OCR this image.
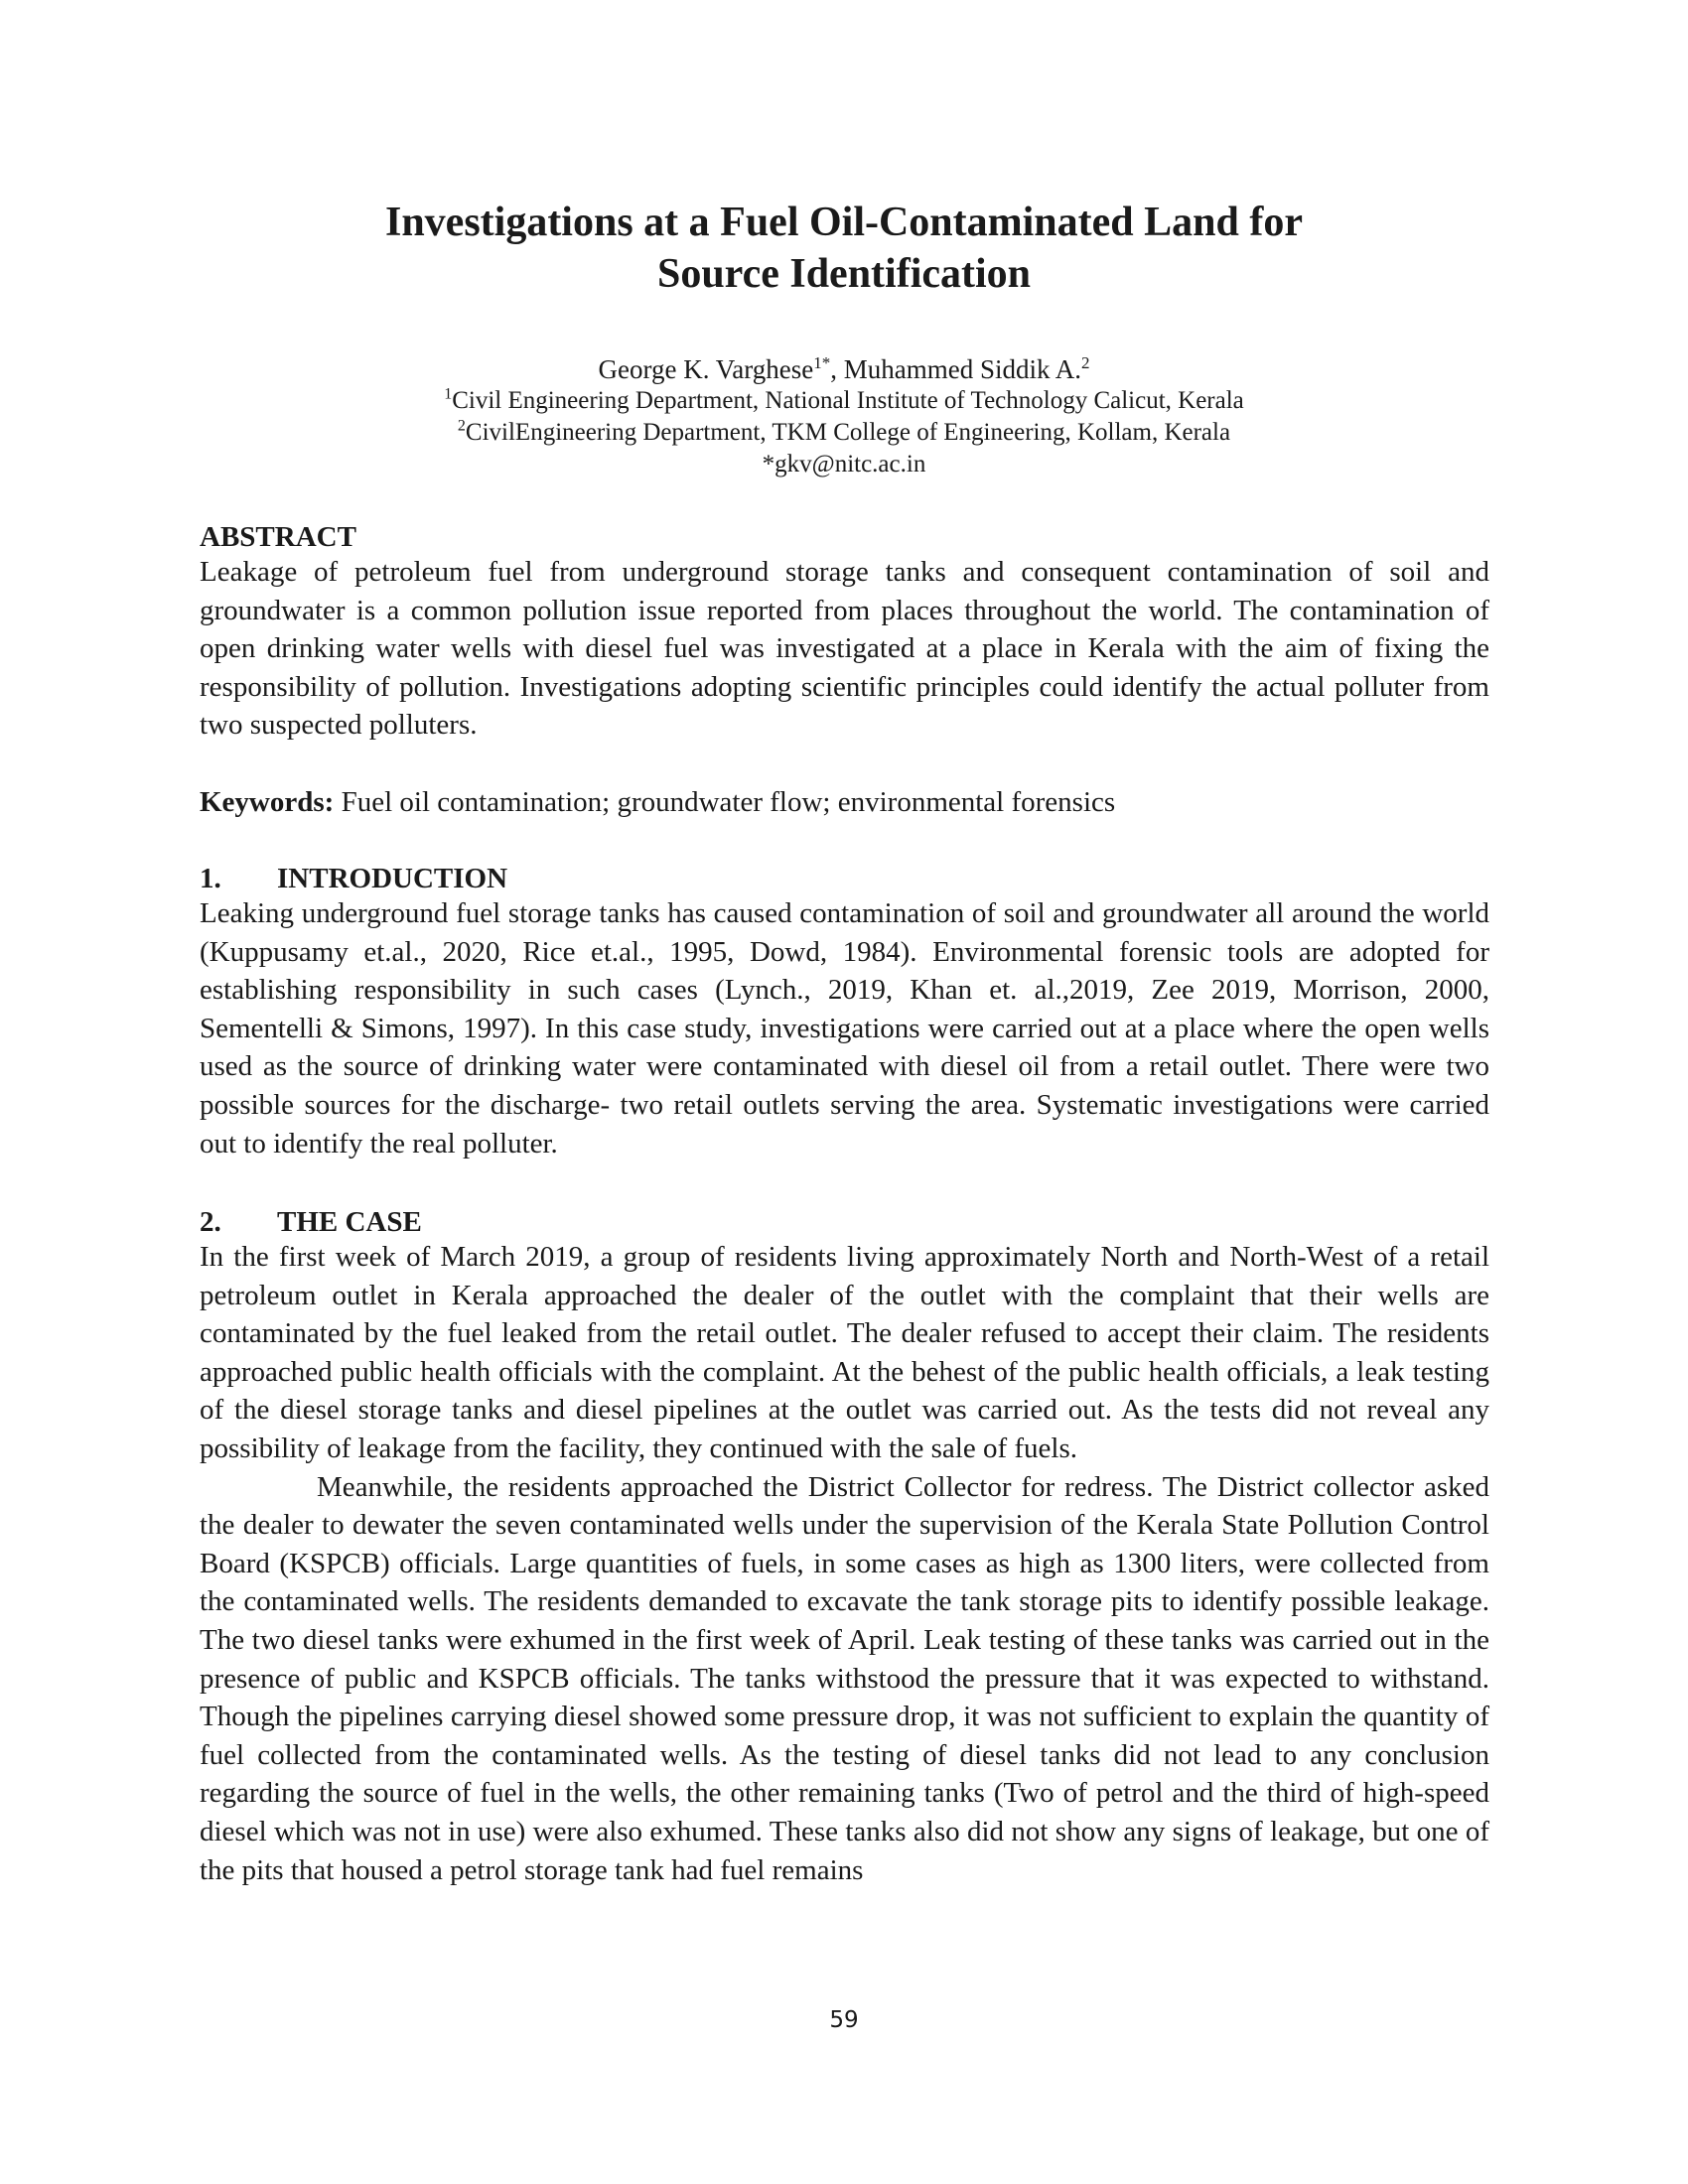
Investigations at a Fuel Oil-Contaminated Land for
Source Identification
George K. Varghese$^{1*}$, Muhammed Siddik A.$^2$
$^1$Civil Engineering Department, National Institute of Technology Calicut, Kerala
$^2$CivilEngineering Department, TKM College of Engineering, Kollam, Kerala
*gkv@nitc.ac.in
ABSTRACT

Leakage of petroleum fuel from underground storage tanks and consequent contamination of soil and groundwater is a common pollution issue reported from places throughout the world. The contamination of open drinking water wells with diesel fuel was investigated at a place in Kerala with the aim of fixing the responsibility of pollution. Investigations adopting scientific principles could identify the actual polluter from two suspected polluters.

Keywords: Fuel oil contamination; groundwater flow; environmental forensics

1. INTRODUCTION

Leaking underground fuel storage tanks has caused contamination of soil and groundwater all around the world (Kuppusamy et.al., 2020, Rice et.al., 1995, Dowd, 1984). Environmental forensic tools are adopted for establishing responsibility in such cases (Lynch., 2019, Khan et. al.,2019, Zee 2019, Morrison, 2000, Sementelli & Simons, 1997). In this case study, investigations were carried out at a place where the open wells used as the source of drinking water were contaminated with diesel oil from a retail outlet. There were two possible sources for the discharge- two retail outlets serving the area. Systematic investigations were carried out to identify the real polluter.

2. THE CASE

In the first week of March 2019, a group of residents living approximately North and North-West of a retail petroleum outlet in Kerala approached the dealer of the outlet with the complaint that their wells are contaminated by the fuel leaked from the retail outlet. The dealer refused to accept their claim. The residents approached public health officials with the complaint. At the behest of the public health officials, a leak testing of the diesel storage tanks and diesel pipelines at the outlet was carried out. As the tests did not reveal any possibility of leakage from the facility, they continued with the sale of fuels.

Meanwhile, the residents approached the District Collector for redress. The District collector asked the dealer to dewater the seven contaminated wells under the supervision of the Kerala State Pollution Control Board (KSPCB) officials. Large quantities of fuels, in some cases as high as 1300 liters, were collected from the contaminated wells. The residents demanded to excavate the tank storage pits to identify possible leakage. The two diesel tanks were exhumed in the first week of April. Leak testing of these tanks was carried out in the presence of public and KSPCB officials. The tanks withstood the pressure that it was expected to withstand. Though the pipelines carrying diesel showed some pressure drop, it was not sufficient to explain the quantity of fuel collected from the contaminated wells. As the testing of diesel tanks did not lead to any conclusion regarding the source of fuel in the wells, the other remaining tanks (Two of petrol and the third of high-speed diesel which was not in use) were also exhumed. These tanks also did not show any signs of leakage, but one of the pits that housed a petrol storage tank had fuel remains

59
